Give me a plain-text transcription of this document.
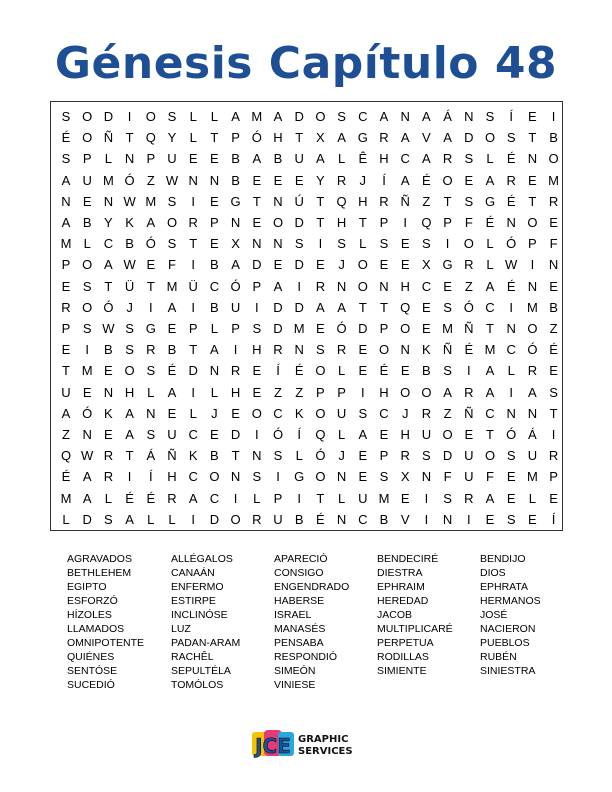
Génesis Capítulo 48
S O D	I	O S	L	L	A M A D O S C A N A Á N S	Í	E	I
É O Ñ T Q Y	L	T P Ó H T X A G R A V A D O S T B
S P	L N P U E E B A B U A	L	Ê H C A R S	L	É N O
A U M Ó Z W N N B E E E Y R	J	Í	A É O E A R E M
N E N W M S	I	E G T N Ú T Q H R Ñ Z	T S G É T R
A B Y K A O R P N E O D T H T P	I	Q P F É N O E
M L C B Ó S T E X N N S	I	S	L	S E S	I	O L Ó P F
P O A W E F	I	B A D E D E	J O E E X G R L W	I	N
E S T Ü T M Ü C Ó P A	I	R N O N H C E Z A É N E
R O Ó J	I	A	I	B U	I	D D A A T	T Q E S Ó C	I	M B
P S W S G E P	L	P S D M E Ó D P O E M Ñ T N O Z
E	I	B S R B T A	I	H R N S R E O N K Ñ É M C Ó É
T M E O S É D N R E	Í	É O L	E É E B S	I	A	L R E
U E N H L	A	I	L H E Z	Z P P	I	H O O A R A	I	A S
A Ó K A N E	L	J	E O C K O U S C	J	R Z Ñ C N N T
Z N E A S U C E D	I	Ó	Í	Q L	A E H U O E T Ó Á	I
Q W R T Á Ñ K B T N S	L Ó J	E P R S D U O S U R
É A R	I	Í	H C O N S	I	G O N E S X N F U F E M P
M A	L	É É R A C	I	L	P	I	T	L U M E	I	S R A E	L	E
L D S A	L	L	I	D O R U B É N C B V	I	N	I	E S E	Í
AGRAVADOS
BETHLEHEM
EGIPTO
ESFORZÓ
HÍZOLES
LLAMADOS
OMNIPOTENTE
QUIÉNES
SENTÓSE
SUCEDIÓ
ALLÉGALOS
CANAÁN
ENFERMO
ESTIRPE
INCLINÓSE
LUZ
PADAN-ARAM
RACHÊL
SEPULTÉLA
TOMÓLOS
APARECIÓ
CONSIGO
ENGENDRADO
HABERSE
ISRAEL
MANASÉS
PENSABA
RESPONDIÓ
SIMEÓN
VINIESE
BENDECIRÉ
DIESTRA
EPHRAIM
HEREDAD
JACOB
MULTIPLICARÉ
PERPETUA
RODILLAS
SIMIENTE
BENDIJO
DIOS
EPHRATA
HERMANOS
JOSÉ
NACIERON
PUEBLOS
RUBÉN
SINIESTRA
JCE GRAPHIC
SERVICES
